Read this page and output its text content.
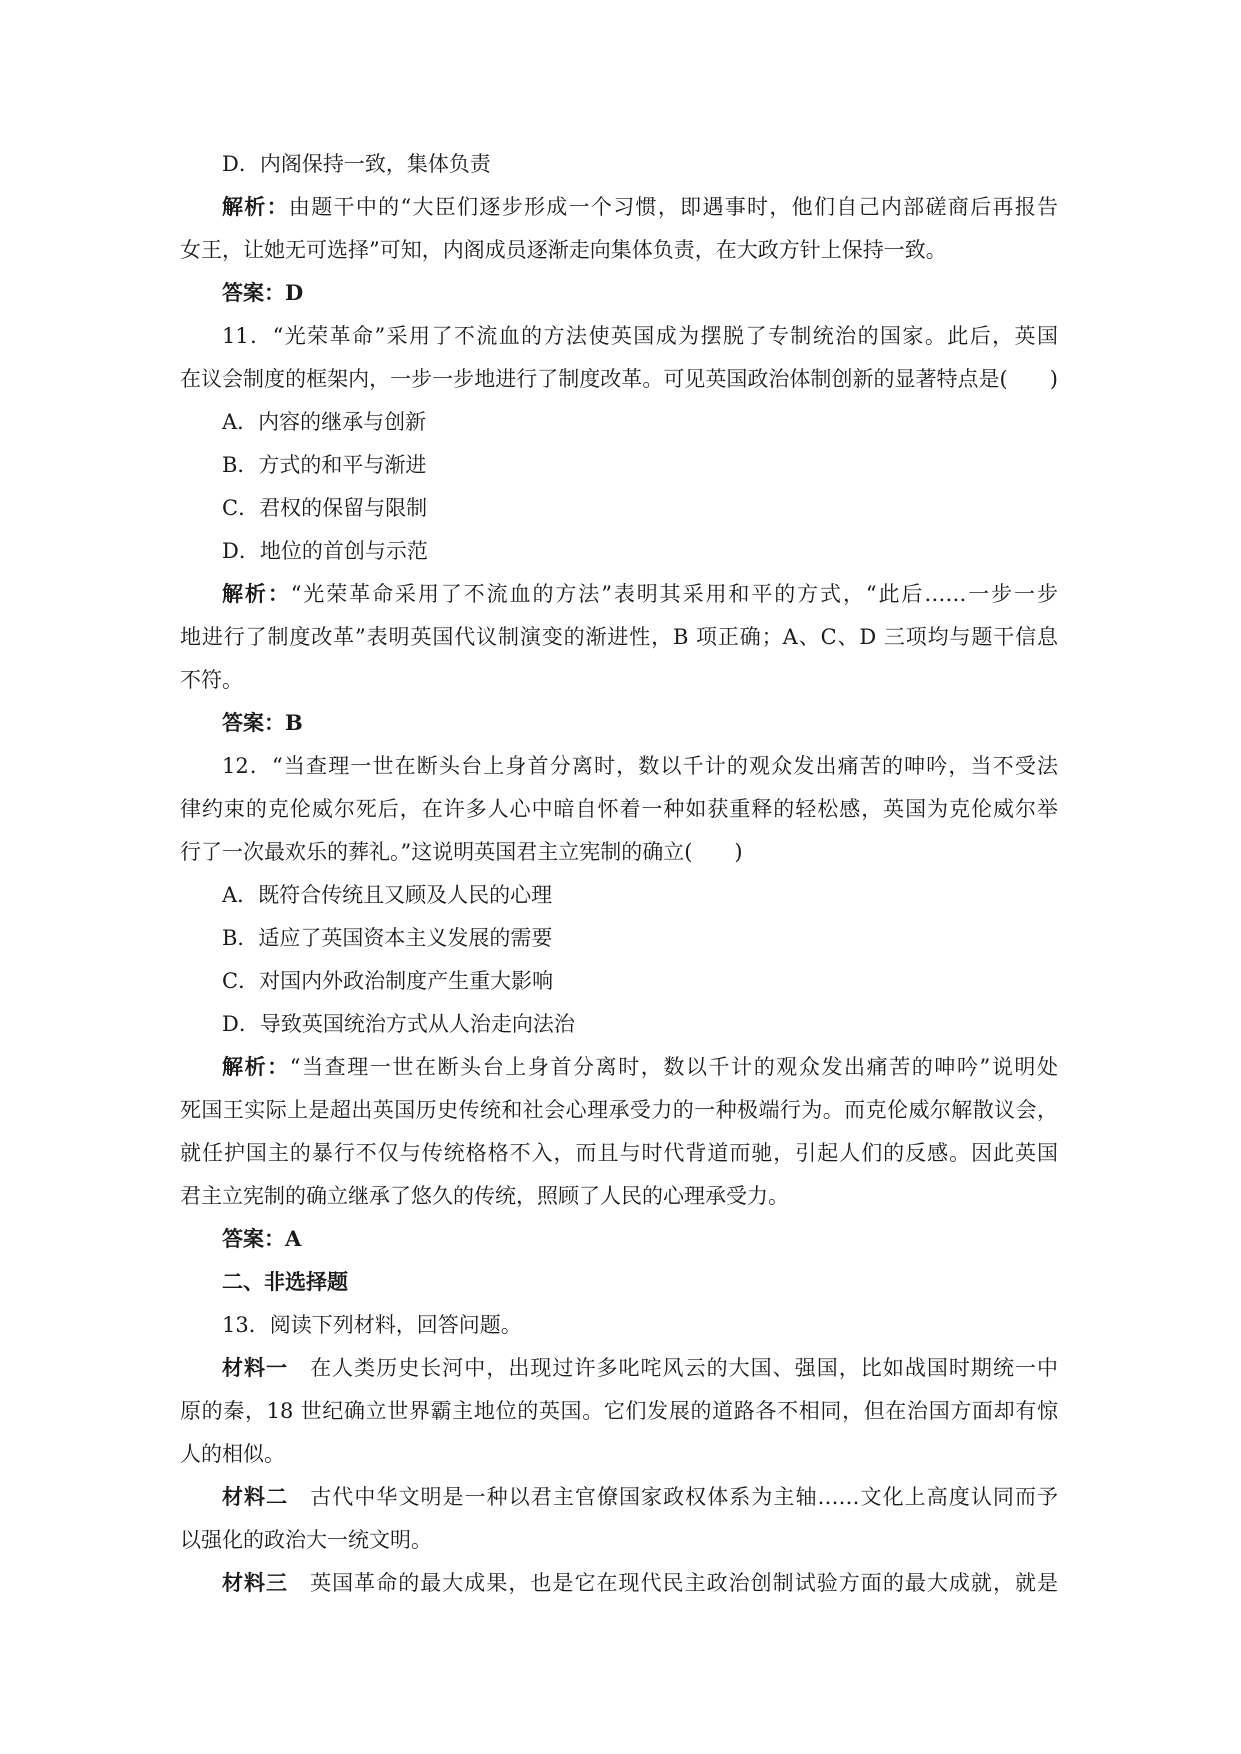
D．内阁保持一致，集体负责
解析：由题干中的“大臣们逐步形成一个习惯，即遇事时，他们自己内部磋商后再报告
女王，让她无可选择”可知，内阁成员逐渐走向集体负责，在大政方针上保持一致。
答案：D
11．“光荣革命”采用了不流血的方法使英国成为摆脱了专制统治的国家。此后，英国
在议会制度的框架内，一步一步地进行了制度改革。可见英国政治体制创新的显著特点是(　　)
A．内容的继承与创新
B．方式的和平与渐进
C．君权的保留与限制
D．地位的首创与示范
解析：“光荣革命采用了不流血的方法”表明其采用和平的方式，“此后……一步一步
地进行了制度改革”表明英国代议制演变的渐进性，B 项正确；A、C、D 三项均与题干信息
不符。
答案：B
12．“当查理一世在断头台上身首分离时，数以千计的观众发出痛苦的呻吟，当不受法
律约束的克伦威尔死后，在许多人心中暗自怀着一种如获重释的轻松感，英国为克伦威尔举
行了一次最欢乐的葬礼。”这说明英国君主立宪制的确立(　　)
A．既符合传统且又顾及人民的心理
B．适应了英国资本主义发展的需要
C．对国内外政治制度产生重大影响
D．导致英国统治方式从人治走向法治
解析：“当查理一世在断头台上身首分离时，数以千计的观众发出痛苦的呻吟”说明处
死国王实际上是超出英国历史传统和社会心理承受力的一种极端行为。而克伦威尔解散议会，
就任护国主的暴行不仅与传统格格不入，而且与时代背道而驰，引起人们的反感。因此英国
君主立宪制的确立继承了悠久的传统，照顾了人民的心理承受力。
答案：A
二、非选择题
13．阅读下列材料，回答问题。
材料一　在人类历史长河中，出现过许多叱咤风云的大国、强国，比如战国时期统一中
原的秦，18 世纪确立世界霸主地位的英国。它们发展的道路各不相同，但在治国方面却有惊
人的相似。
材料二　古代中华文明是一种以君主官僚国家政权体系为主轴……文化上高度认同而予
以强化的政治大一统文明。
材料三　英国革命的最大成果，也是它在现代民主政治创制试验方面的最大成就，就是
